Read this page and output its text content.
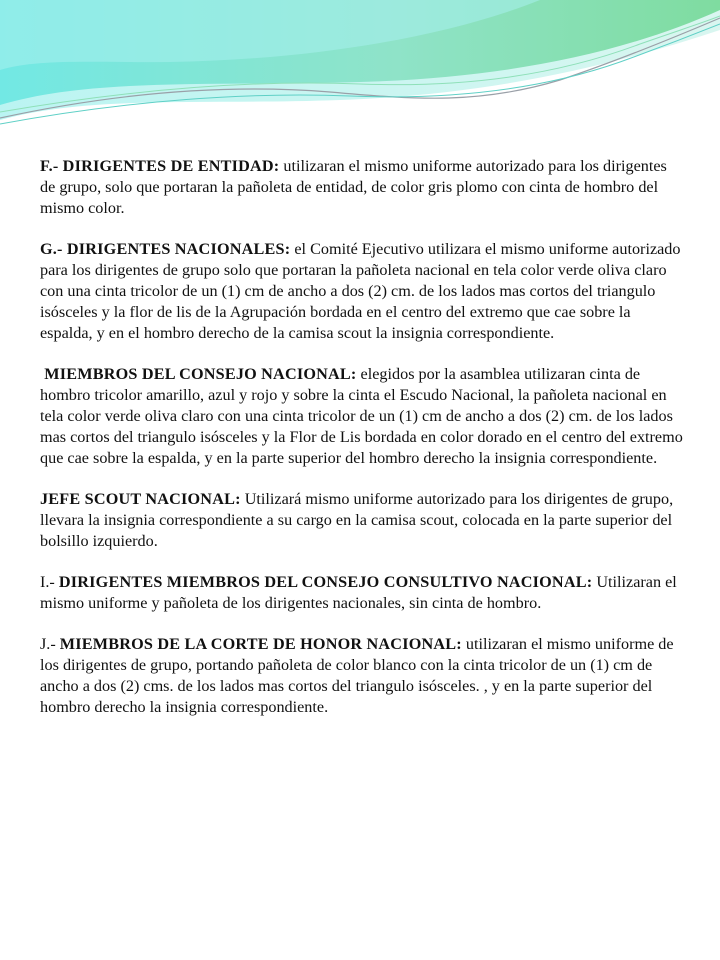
F.- DIRIGENTES DE ENTIDAD: utilizaran el mismo uniforme autorizado para los dirigentes de grupo, solo que portaran la pañoleta de entidad, de color gris plomo con cinta de hombro del mismo color.

G.- DIRIGENTES NACIONALES: el Comité Ejecutivo utilizara el mismo uniforme autorizado para los dirigentes de grupo solo que portaran la pañoleta nacional en tela color verde oliva claro con una cinta tricolor de un (1) cm de ancho a dos (2) cm. de los lados mas cortos del triangulo isósceles y la flor de lis de la Agrupación bordada en el centro del extremo que cae sobre la espalda, y en el hombro derecho de la camisa scout la insignia correspondiente.

MIEMBROS DEL CONSEJO NACIONAL: elegidos por la asamblea utilizaran cinta de hombro tricolor amarillo, azul y rojo y sobre la cinta el Escudo Nacional, la pañoleta nacional en tela color verde oliva claro con una cinta tricolor de un (1) cm de ancho a dos (2) cm. de los lados mas cortos del triangulo isósceles y la Flor de Lis bordada en color dorado en el centro del extremo que cae sobre la espalda, y en la parte superior del hombro derecho la insignia correspondiente.

JEFE SCOUT NACIONAL: Utilizará mismo uniforme autorizado para los dirigentes de grupo, llevara la insignia correspondiente a su cargo en la camisa scout, colocada en la parte superior del bolsillo izquierdo.

I.- DIRIGENTES MIEMBROS DEL CONSEJO CONSULTIVO NACIONAL: Utilizaran el mismo uniforme y pañoleta de los dirigentes nacionales, sin cinta de hombro.

J.- MIEMBROS DE LA CORTE DE HONOR NACIONAL: utilizaran el mismo uniforme de los dirigentes de grupo, portando pañoleta de color blanco con la cinta tricolor de un (1) cm de ancho a dos (2) cms. de los lados mas cortos del triangulo isósceles. , y en la parte superior del hombro derecho la insignia correspondiente.
